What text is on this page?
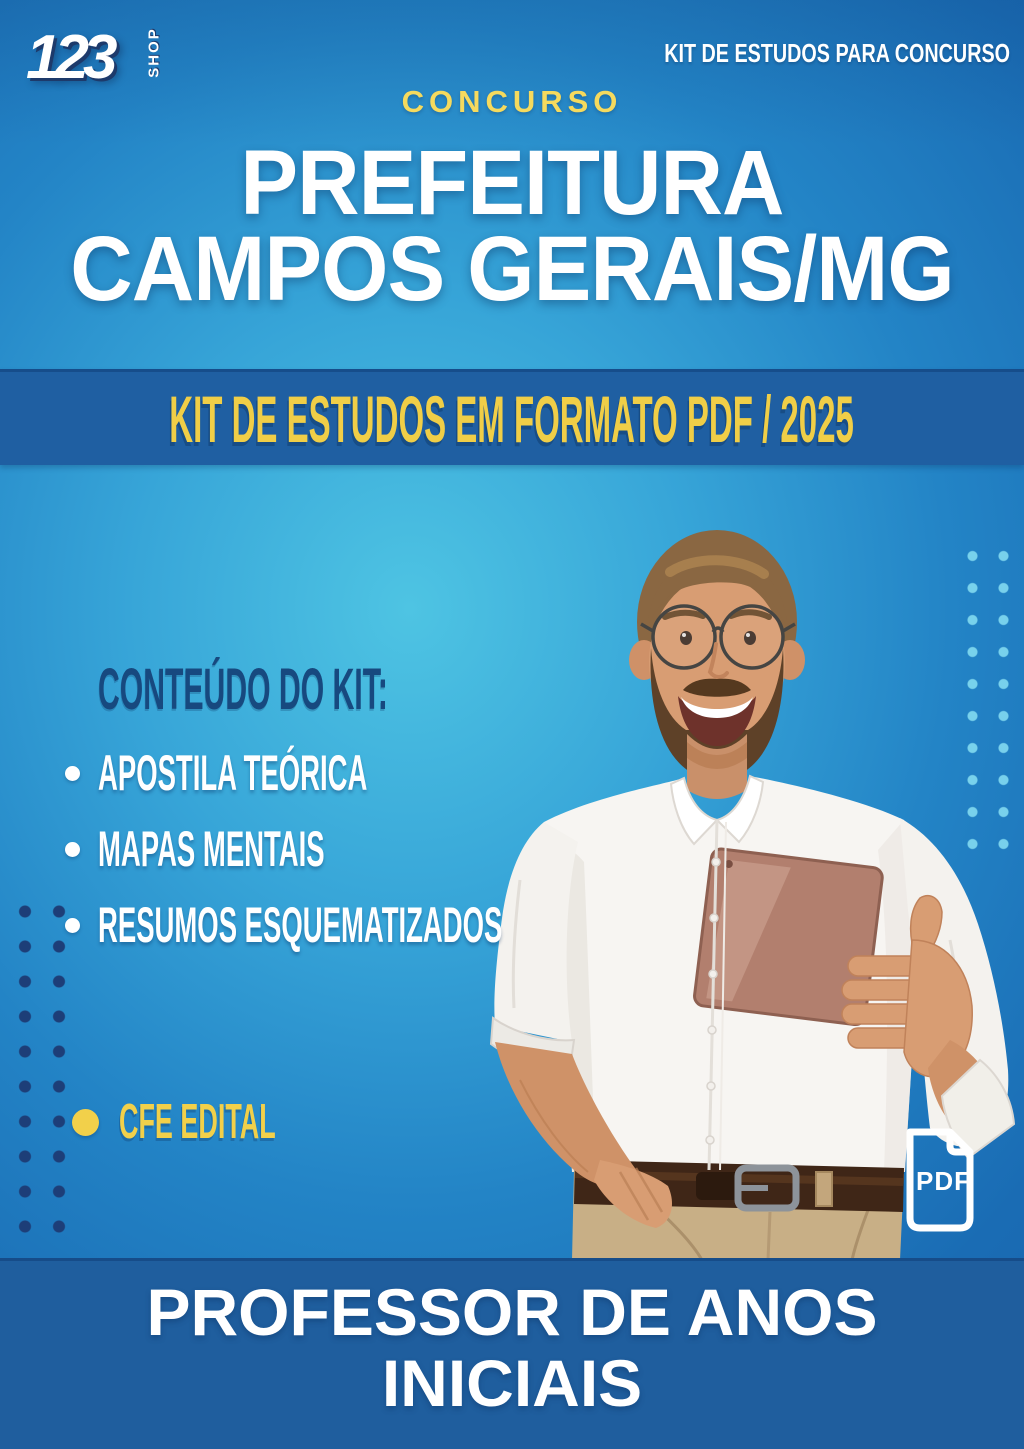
123 SHOP	KIT DE ESTUDOS PARA CONCURSO
CONCURSO
PREFEITURA
CAMPOS GERAIS/MG
KIT DE ESTUDOS EM FORMATO PDF / 2025
CONTEÚDO DO KIT:
APOSTILA TEÓRICA
MAPAS MENTAIS
RESUMOS ESQUEMATIZADOS
CFE EDITAL
PDF
PROFESSOR DE ANOS
INICIAIS
